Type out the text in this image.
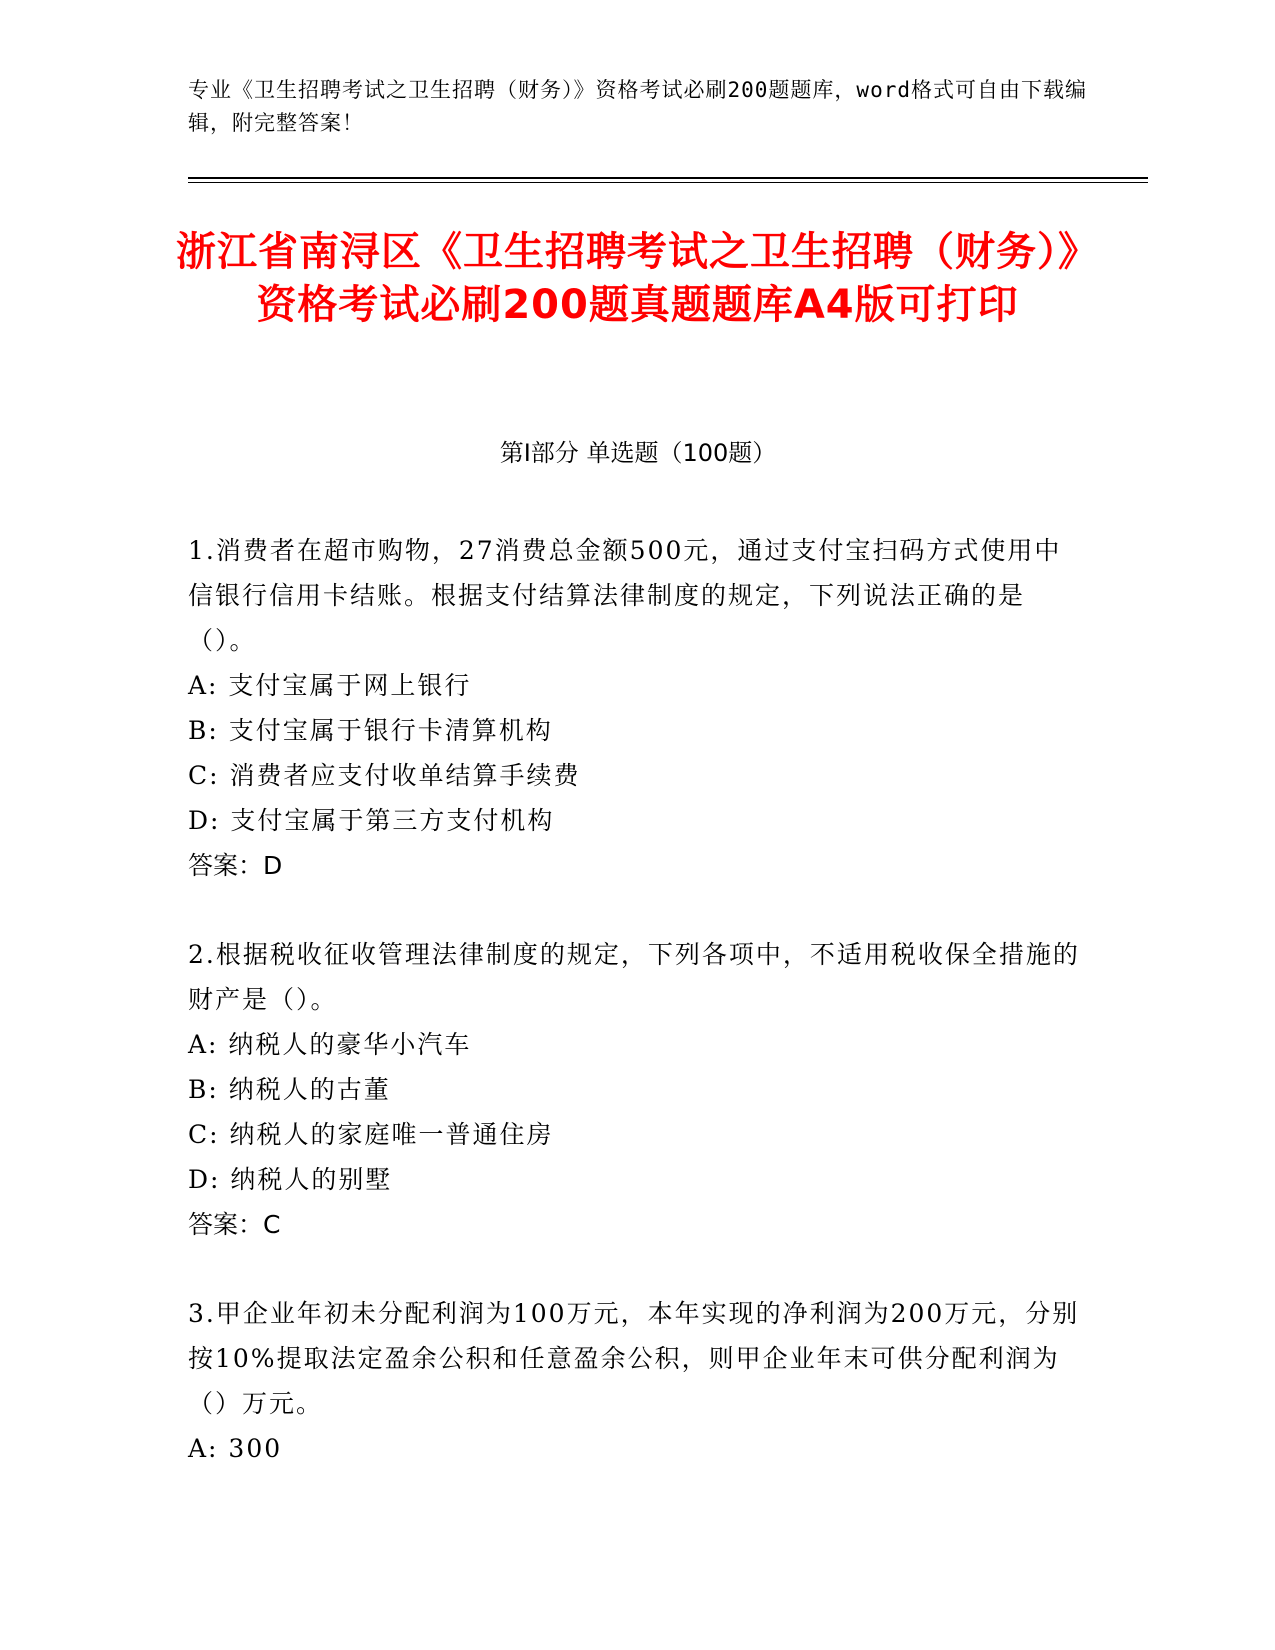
专业《卫生招聘考试之卫生招聘（财务）》资格考试必刷200题题库，word格式可自由下载编辑，附完整答案！
浙江省南浔区《卫生招聘考试之卫生招聘（财务）》资格考试必刷200题真题题库A4版可打印
第Ⅰ部分 单选题（100题）

1.消费者在超市购物，27消费总金额500元，通过支付宝扫码方式使用中信银行信用卡结账。根据支付结算法律制度的规定，下列说法正确的是（）。

A: 支付宝属于网上银行

B: 支付宝属于银行卡清算机构

C: 消费者应支付收单结算手续费

D: 支付宝属于第三方支付机构

答案：D

2.根据税收征收管理法律制度的规定，下列各项中，不适用税收保全措施的财产是（）。

A: 纳税人的豪华小汽车

B: 纳税人的古董

C: 纳税人的家庭唯一普通住房

D: 纳税人的别墅

答案：C

3.甲企业年初未分配利润为100万元，本年实现的净利润为200万元，分别按10%提取法定盈余公积和任意盈余公积，则甲企业年末可供分配利润为（）万元。

A: 300
